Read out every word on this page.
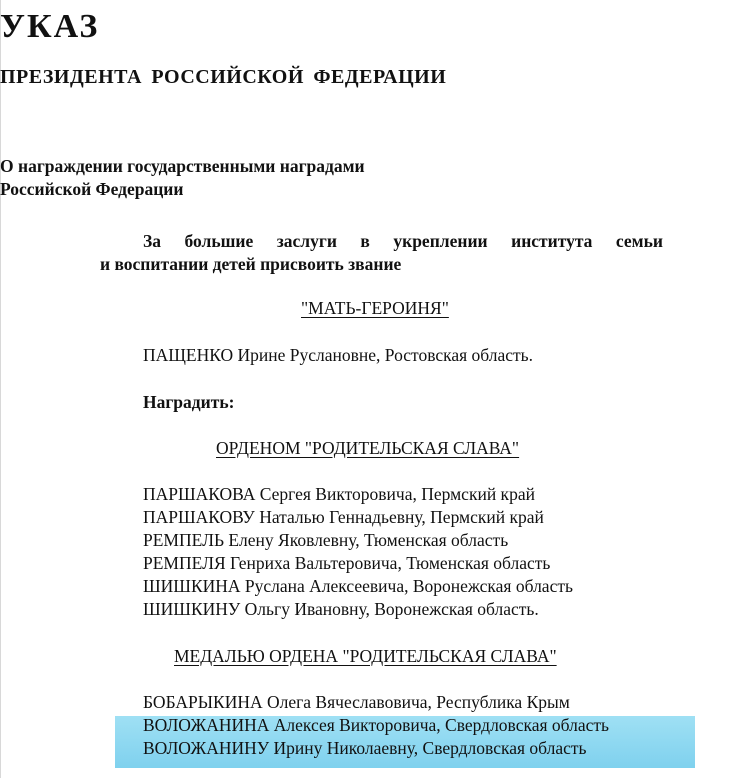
УКАЗ

ПРЕЗИДЕНТА РОССИЙСКОЙ ФЕДЕРАЦИИ

О награждении государственными наградами

Российской Федерации

За большие заслуги в укреплении института семьи

и воспитании детей присвоить звание

"МАТЬ-ГЕРОИНЯ"

ПАЩЕНКО Ирине Руслановне, Ростовская область.

Наградить:

ОРДЕНОМ "РОДИТЕЛЬСКАЯ СЛАВА"

ПАРШАКОВА Сергея Викторовича, Пермский край

ПАРШАКОВУ Наталью Геннадьевну, Пермский край

РЕМПЕЛЬ Елену Яковлевну, Тюменская область

РЕМПЕЛЯ Генриха Вальтеровича, Тюменская область

ШИШКИНА Руслана Алексеевича, Воронежская область

ШИШКИНУ Ольгу Ивановну, Воронежская область.

МЕДАЛЬЮ ОРДЕНА "РОДИТЕЛЬСКАЯ СЛАВА"

БОБАРЫКИНА Олега Вячеславовича, Республика Крым

ВОЛОЖАНИНА Алексея Викторовича, Свердловская область

ВОЛОЖАНИНУ Ирину Николаевну, Свердловская область
